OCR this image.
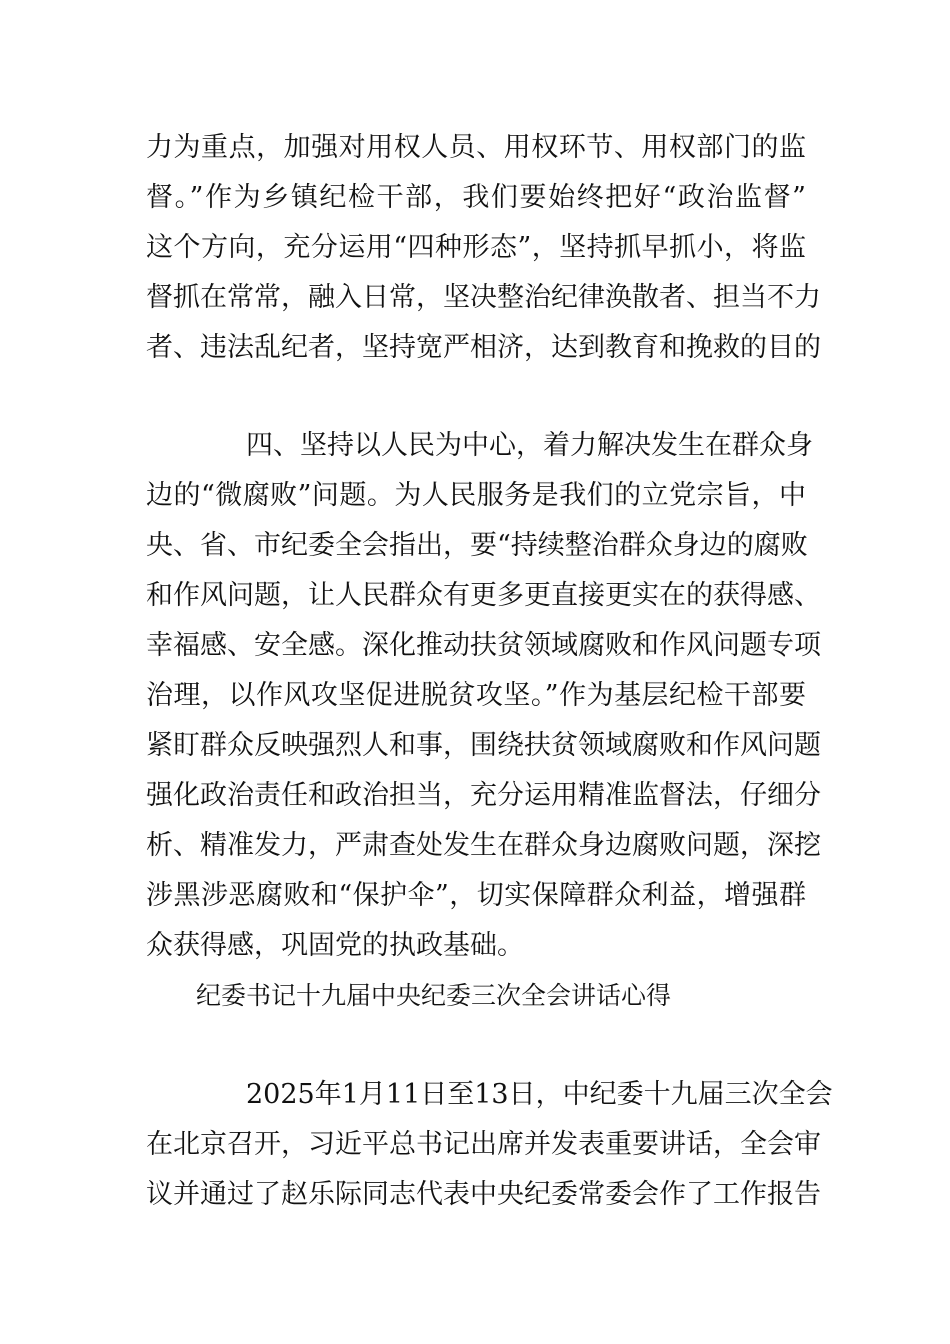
力为重点，加强对用权人员、用权环节、用权部门的监
督。”作为乡镇纪检干部，我们要始终把好“政治监督”
这个方向，充分运用“四种形态”，坚持抓早抓小，将监
督抓在常常，融入日常，坚决整治纪律涣散者、担当不力
者、违法乱纪者，坚持宽严相济，达到教育和挽救的目的
四、坚持以人民为中心，着力解决发生在群众身
边的“微腐败”问题。为人民服务是我们的立党宗旨，中
央、省、市纪委全会指出，要“持续整治群众身边的腐败
和作风问题，让人民群众有更多更直接更实在的获得感、
幸福感、安全感。深化推动扶贫领域腐败和作风问题专项
治理，以作风攻坚促进脱贫攻坚。”作为基层纪检干部要
紧盯群众反映强烈人和事，围绕扶贫领域腐败和作风问题
强化政治责任和政治担当，充分运用精准监督法，仔细分
析、精准发力，严肃查处发生在群众身边腐败问题，深挖
涉黑涉恶腐败和“保护伞”，切实保障群众利益，增强群
众获得感，巩固党的执政基础。
纪委书记十九届中央纪委三次全会讲话心得
2025年1月11日至13日，中纪委十九届三次全会
在北京召开，习近平总书记出席并发表重要讲话，全会审
议并通过了赵乐际同志代表中央纪委常委会作了工作报告
